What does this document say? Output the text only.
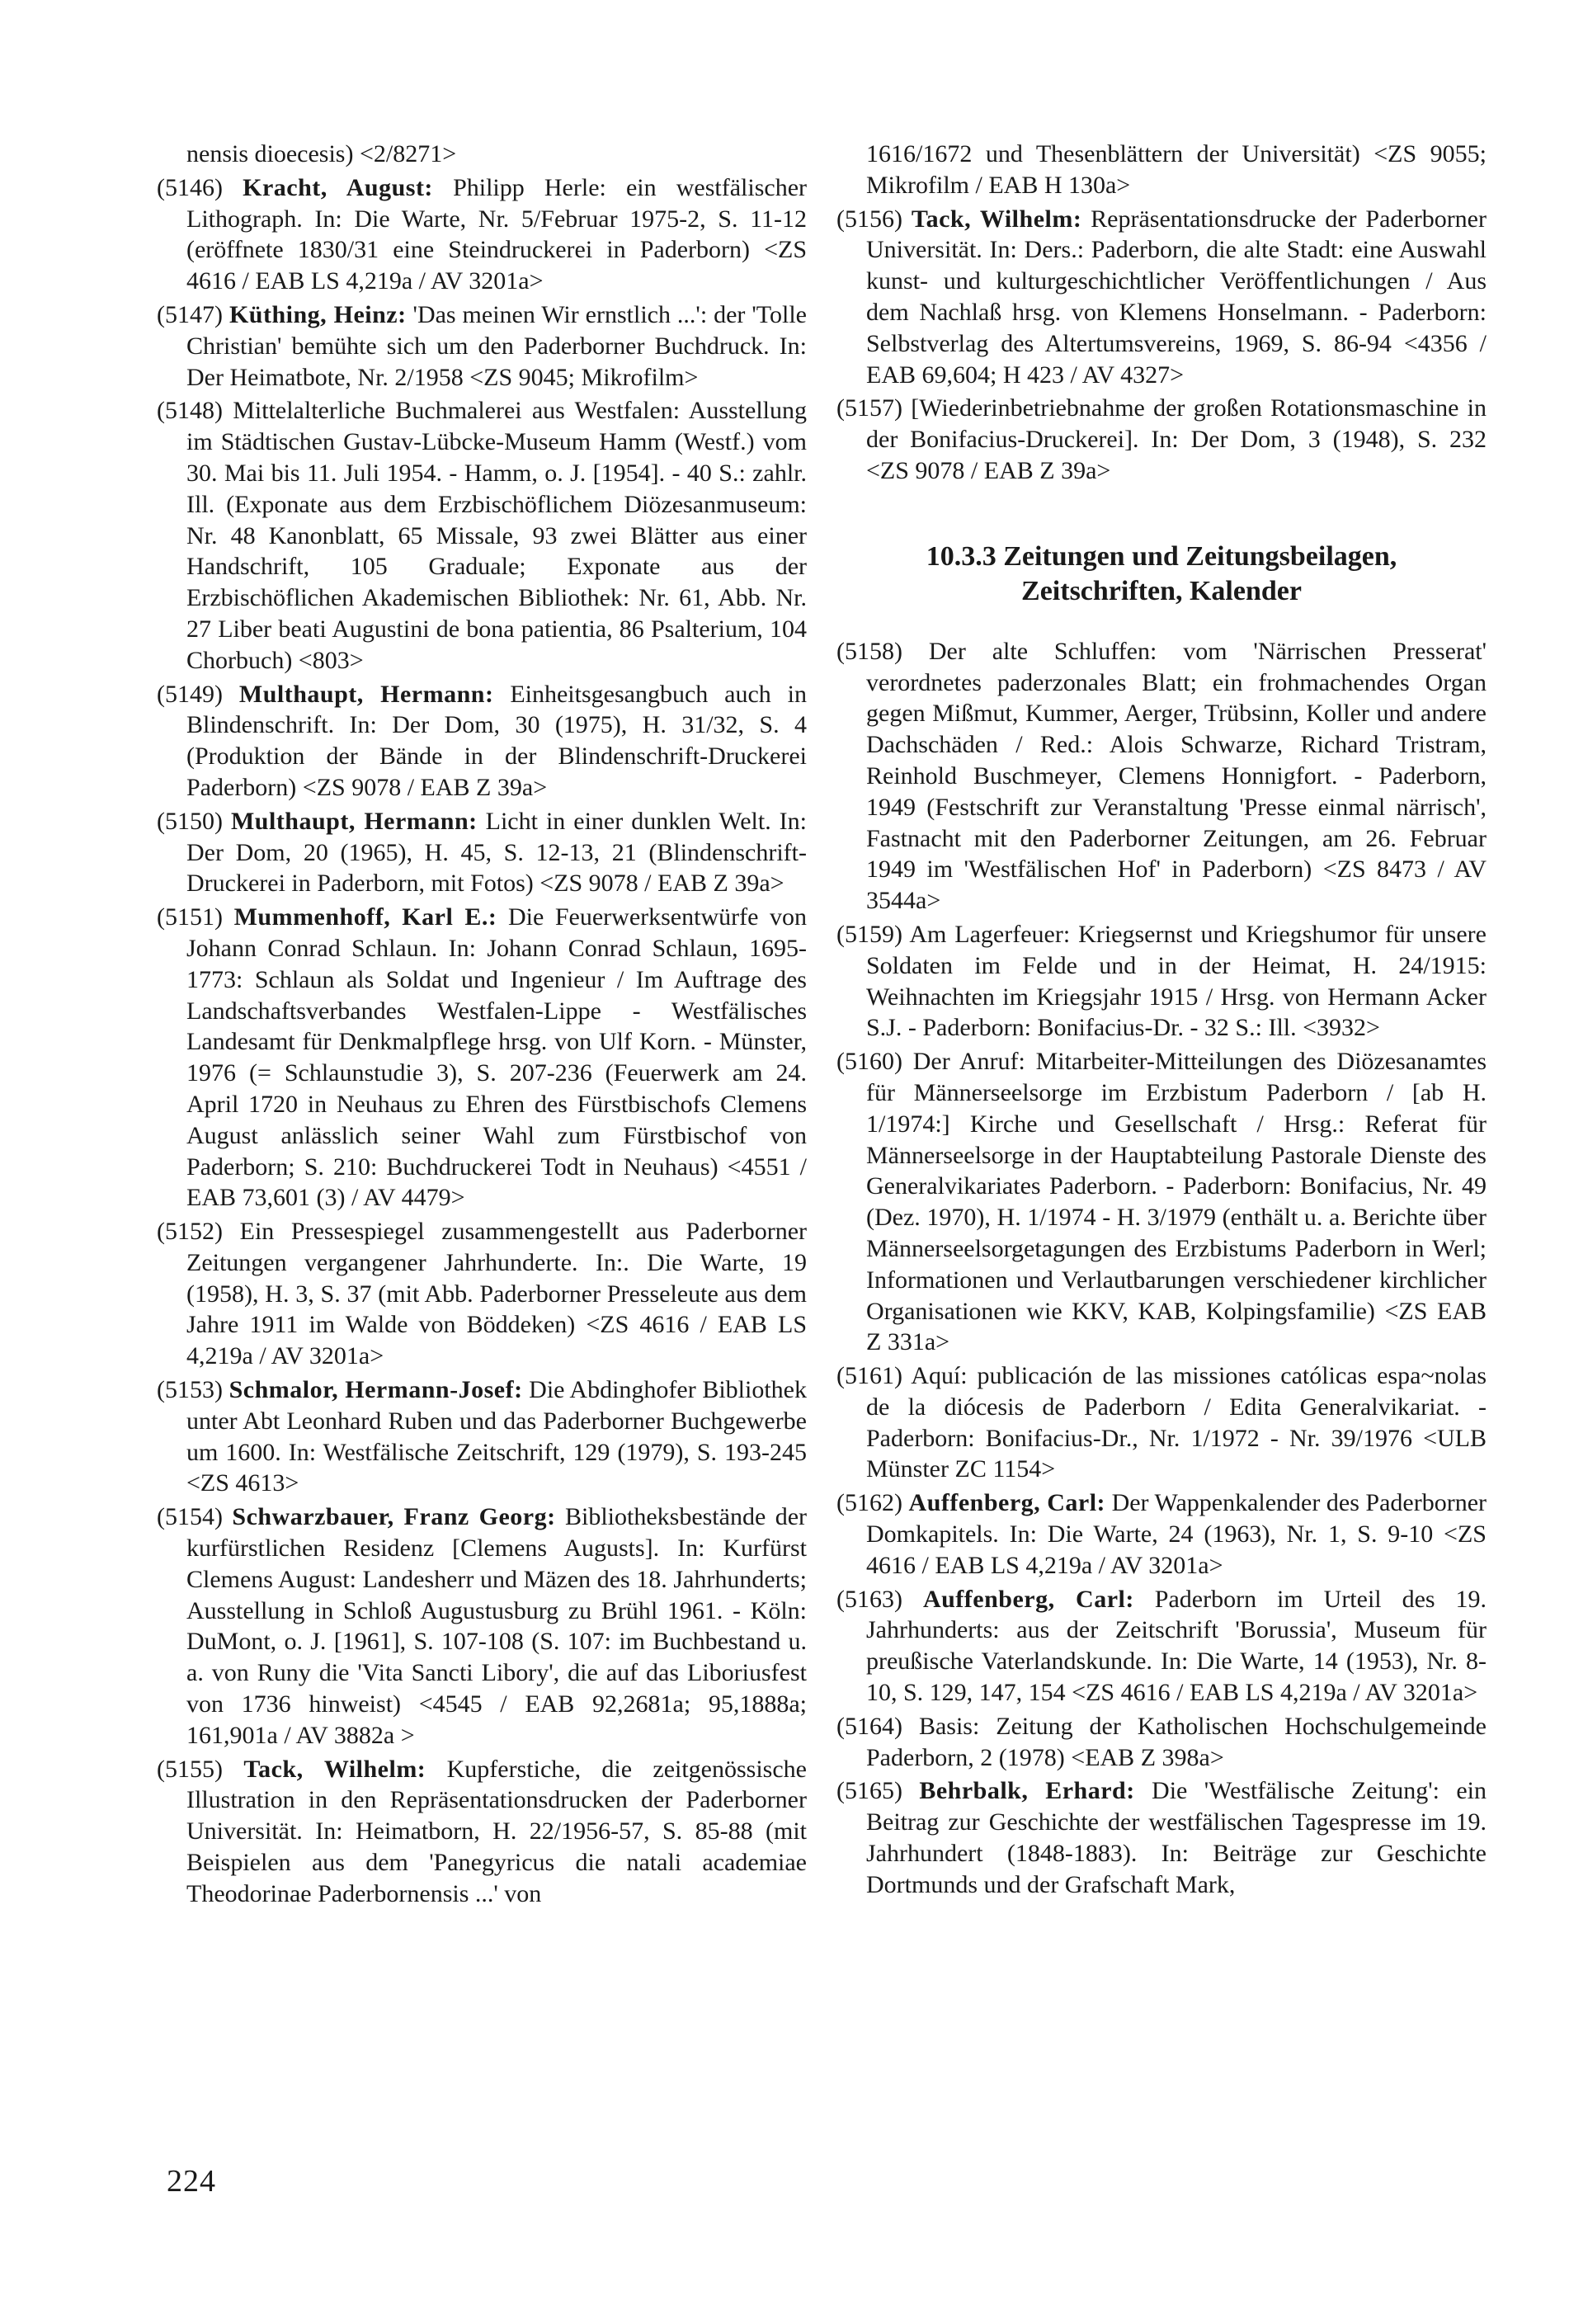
nensis dioecesis) <2/8271>

(5146) Kracht, August: Philipp Herle: ein westfälischer Lithograph. In: Die Warte, Nr. 5/Februar 1975-2, S. 11-12 (eröffnete 1830/31 eine Steindruckerei in Paderborn) <ZS 4616 / EAB LS 4,219a / AV 3201a>

(5147) Küthing, Heinz: 'Das meinen Wir ernstlich ...': der 'Tolle Christian' bemühte sich um den Paderborner Buchdruck. In: Der Heimatbote, Nr. 2/1958 <ZS 9045; Mikrofilm>

(5148) Mittelalterliche Buchmalerei aus Westfalen: Ausstellung im Städtischen Gustav-Lübcke-Museum Hamm (Westf.) vom 30. Mai bis 11. Juli 1954. - Hamm, o. J. [1954]. - 40 S.: zahlr. Ill. (Exponate aus dem Erzbischöflichem Diözesanmuseum: Nr. 48 Kanonblatt, 65 Missale, 93 zwei Blätter aus einer Handschrift, 105 Graduale; Exponate aus der Erzbischöflichen Akademischen Bibliothek: Nr. 61, Abb. Nr. 27 Liber beati Augustini de bona patientia, 86 Psalterium, 104 Chorbuch) <803>

(5149) Multhaupt, Hermann: Einheitsgesangbuch auch in Blindenschrift. In: Der Dom, 30 (1975), H. 31/32, S. 4 (Produktion der Bände in der Blindenschrift-Druckerei Paderborn) <ZS 9078 / EAB Z 39a>

(5150) Multhaupt, Hermann: Licht in einer dunklen Welt. In: Der Dom, 20 (1965), H. 45, S. 12-13, 21 (Blindenschrift-Druckerei in Paderborn, mit Fotos) <ZS 9078 / EAB Z 39a>

(5151) Mummenhoff, Karl E.: Die Feuerwerksentwürfe von Johann Conrad Schlaun. In: Johann Conrad Schlaun, 1695-1773: Schlaun als Soldat und Ingenieur / Im Auftrage des Landschaftsverbandes Westfalen-Lippe - Westfälisches Landesamt für Denkmalpflege hrsg. von Ulf Korn. - Münster, 1976 (= Schlaunstudie 3), S. 207-236 (Feuerwerk am 24. April 1720 in Neuhaus zu Ehren des Fürstbischofs Clemens August anlässlich seiner Wahl zum Fürstbischof von Paderborn; S. 210: Buchdruckerei Todt in Neuhaus) <4551 / EAB 73,601 (3) / AV 4479>

(5152) Ein Pressespiegel zusammengestellt aus Paderborner Zeitungen vergangener Jahrhunderte. In:. Die Warte, 19 (1958), H. 3, S. 37 (mit Abb. Paderborner Presseleute aus dem Jahre 1911 im Walde von Böddeken) <ZS 4616 / EAB LS 4,219a / AV 3201a>

(5153) Schmalor, Hermann-Josef: Die Abdinghofer Bibliothek unter Abt Leonhard Ruben und das Paderborner Buchgewerbe um 1600. In: Westfälische Zeitschrift, 129 (1979), S. 193-245 <ZS 4613>

(5154) Schwarzbauer, Franz Georg: Bibliotheksbestände der kurfürstlichen Residenz [Clemens Augusts]. In: Kurfürst Clemens August: Landesherr und Mäzen des 18. Jahrhunderts; Ausstellung in Schloß Augustusburg zu Brühl 1961. - Köln: DuMont, o. J. [1961], S. 107-108 (S. 107: im Buchbestand u. a. von Runy die 'Vita Sancti Libory', die auf das Liboriusfest von 1736 hinweist) <4545 / EAB 92,2681a; 95,1888a; 161,901a / AV 3882a >

(5155) Tack, Wilhelm: Kupferstiche, die zeitgenössische Illustration in den Repräsentationsdrucken der Paderborner Universität. In: Heimatborn, H. 22/1956-57, S. 85-88 (mit Beispielen aus dem 'Panegyricus die natali academiae Theodorinae Paderbornensis ...' von

1616/1672 und Thesenblättern der Universität) <ZS 9055; Mikrofilm / EAB H 130a>

(5156) Tack, Wilhelm: Repräsentationsdrucke der Paderborner Universität. In: Ders.: Paderborn, die alte Stadt: eine Auswahl kunst- und kulturgeschichtlicher Veröffentlichungen / Aus dem Nachlaß hrsg. von Klemens Honselmann. - Paderborn: Selbstverlag des Altertumsvereins, 1969, S. 86-94 <4356 / EAB 69,604; H 423 / AV 4327>

(5157) [Wiederinbetriebnahme der großen Rotationsmaschine in der Bonifacius-Druckerei]. In: Der Dom, 3 (1948), S. 232 <ZS 9078 / EAB Z 39a>

10.3.3 Zeitungen und Zeitungsbeilagen, Zeitschriften, Kalender

(5158) Der alte Schluffen: vom 'Närrischen Presserat' verordnetes paderzonales Blatt; ein frohmachendes Organ gegen Mißmut, Kummer, Aerger, Trübsinn, Koller und andere Dachschäden / Red.: Alois Schwarze, Richard Tristram, Reinhold Buschmeyer, Clemens Honnigfort. - Paderborn, 1949 (Festschrift zur Veranstaltung 'Presse einmal närrisch', Fastnacht mit den Paderborner Zeitungen, am 26. Februar 1949 im 'Westfälischen Hof' in Paderborn) <ZS 8473 / AV 3544a>

(5159) Am Lagerfeuer: Kriegsernst und Kriegshumor für unsere Soldaten im Felde und in der Heimat, H. 24/1915: Weihnachten im Kriegsjahr 1915 / Hrsg. von Hermann Acker S.J. - Paderborn: Bonifacius-Dr. - 32 S.: Ill. <3932>

(5160) Der Anruf: Mitarbeiter-Mitteilungen des Diözesanamtes für Männerseelsorge im Erzbistum Paderborn / [ab H. 1/1974:] Kirche und Gesellschaft / Hrsg.: Referat für Männerseelsorge in der Hauptabteilung Pastorale Dienste des Generalvikariates Paderborn. - Paderborn: Bonifacius, Nr. 49 (Dez. 1970), H. 1/1974 - H. 3/1979 (enthält u. a. Berichte über Männerseelsorgetagungen des Erzbistums Paderborn in Werl; Informationen und Verlautbarungen verschiedener kirchlicher Organisationen wie KKV, KAB, Kolpingsfamilie) <ZS EAB Z 331a>

(5161) Aquí: publicación de las missiones católicas espa~nolas de la diócesis de Paderborn / Edita Generalvikariat. - Paderborn: Bonifacius-Dr., Nr. 1/1972 - Nr. 39/1976 <ULB Münster ZC 1154>

(5162) Auffenberg, Carl: Der Wappenkalender des Paderborner Domkapitels. In: Die Warte, 24 (1963), Nr. 1, S. 9-10 <ZS 4616 / EAB LS 4,219a / AV 3201a>

(5163) Auffenberg, Carl: Paderborn im Urteil des 19. Jahrhunderts: aus der Zeitschrift 'Borussia', Museum für preußische Vaterlandskunde. In: Die Warte, 14 (1953), Nr. 8-10, S. 129, 147, 154 <ZS 4616 / EAB LS 4,219a / AV 3201a>

(5164) Basis: Zeitung der Katholischen Hochschulgemeinde Paderborn, 2 (1978) <EAB Z 398a>

(5165) Behrbalk, Erhard: Die 'Westfälische Zeitung': ein Beitrag zur Geschichte der westfälischen Tagespresse im 19. Jahrhundert (1848-1883). In: Beiträge zur Geschichte Dortmunds und der Grafschaft Mark,

224
